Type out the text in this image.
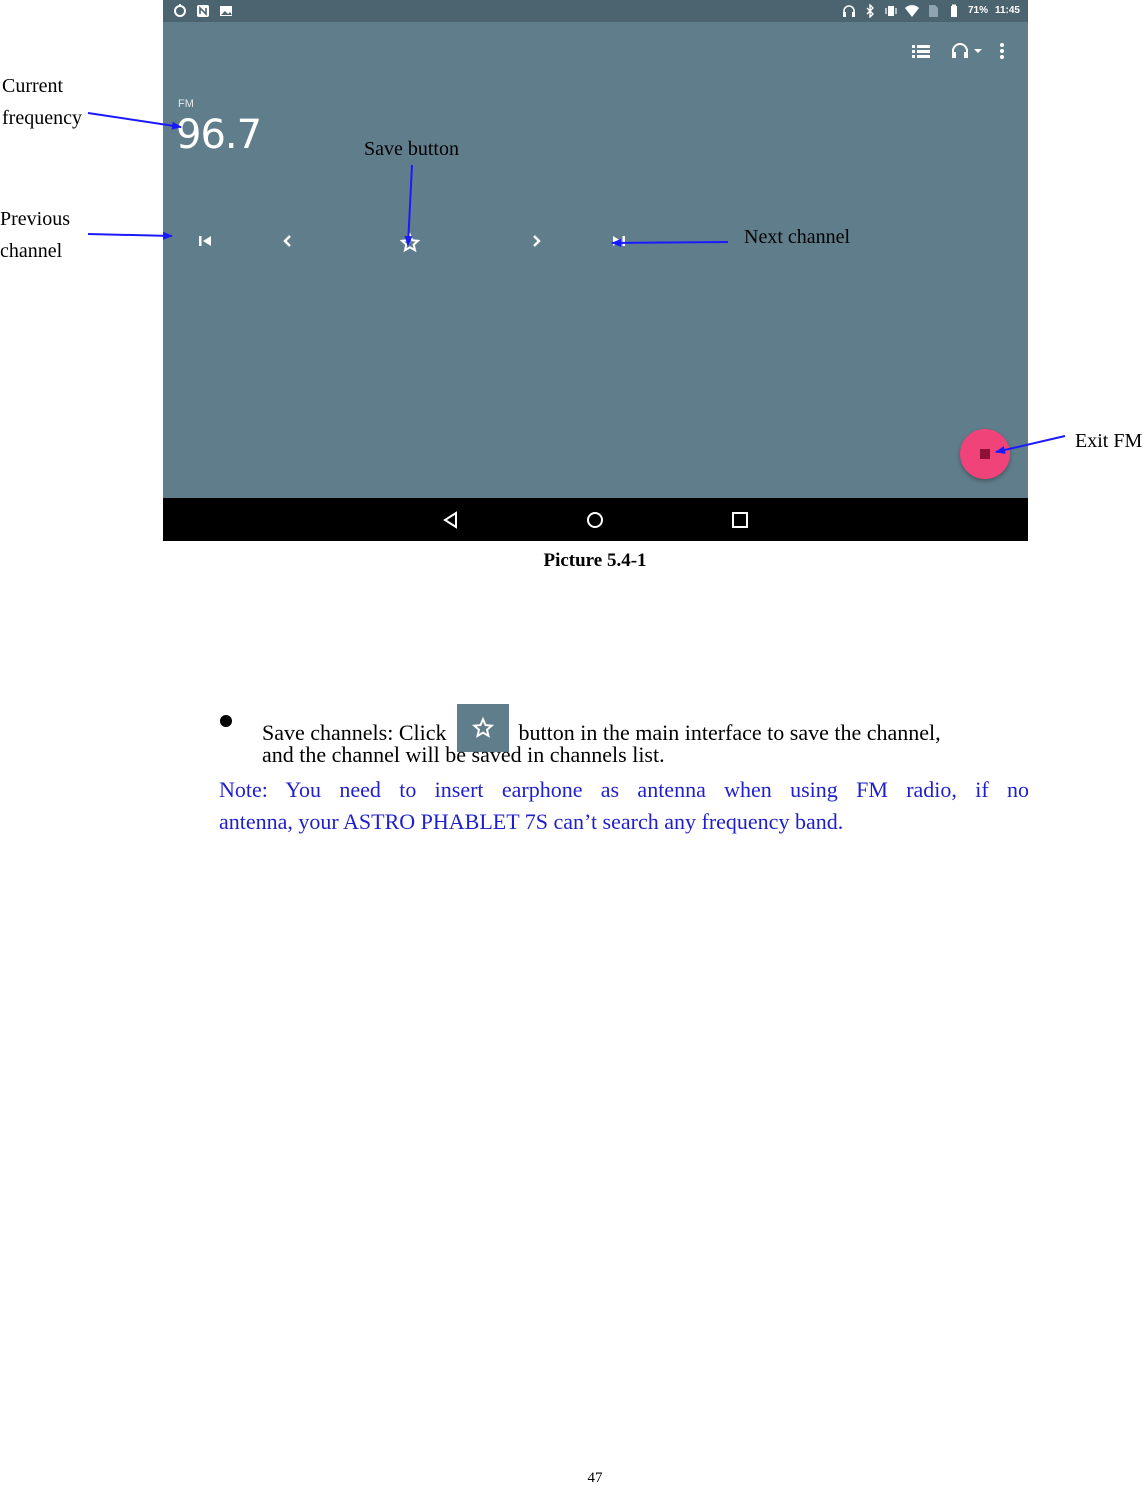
71% 11:45
FM
96.7
Current
frequency
Previous
channel
Save button
Next channel
Exit FM
Picture 5.4-1
Save channels: Click	button in the main interface to save the channel,
and the channel will be saved in channels list.
Note: You need to insert earphone as antenna when using FM radio, if no
antenna, your ASTRO PHABLET 7S can’t search any frequency band.
47
